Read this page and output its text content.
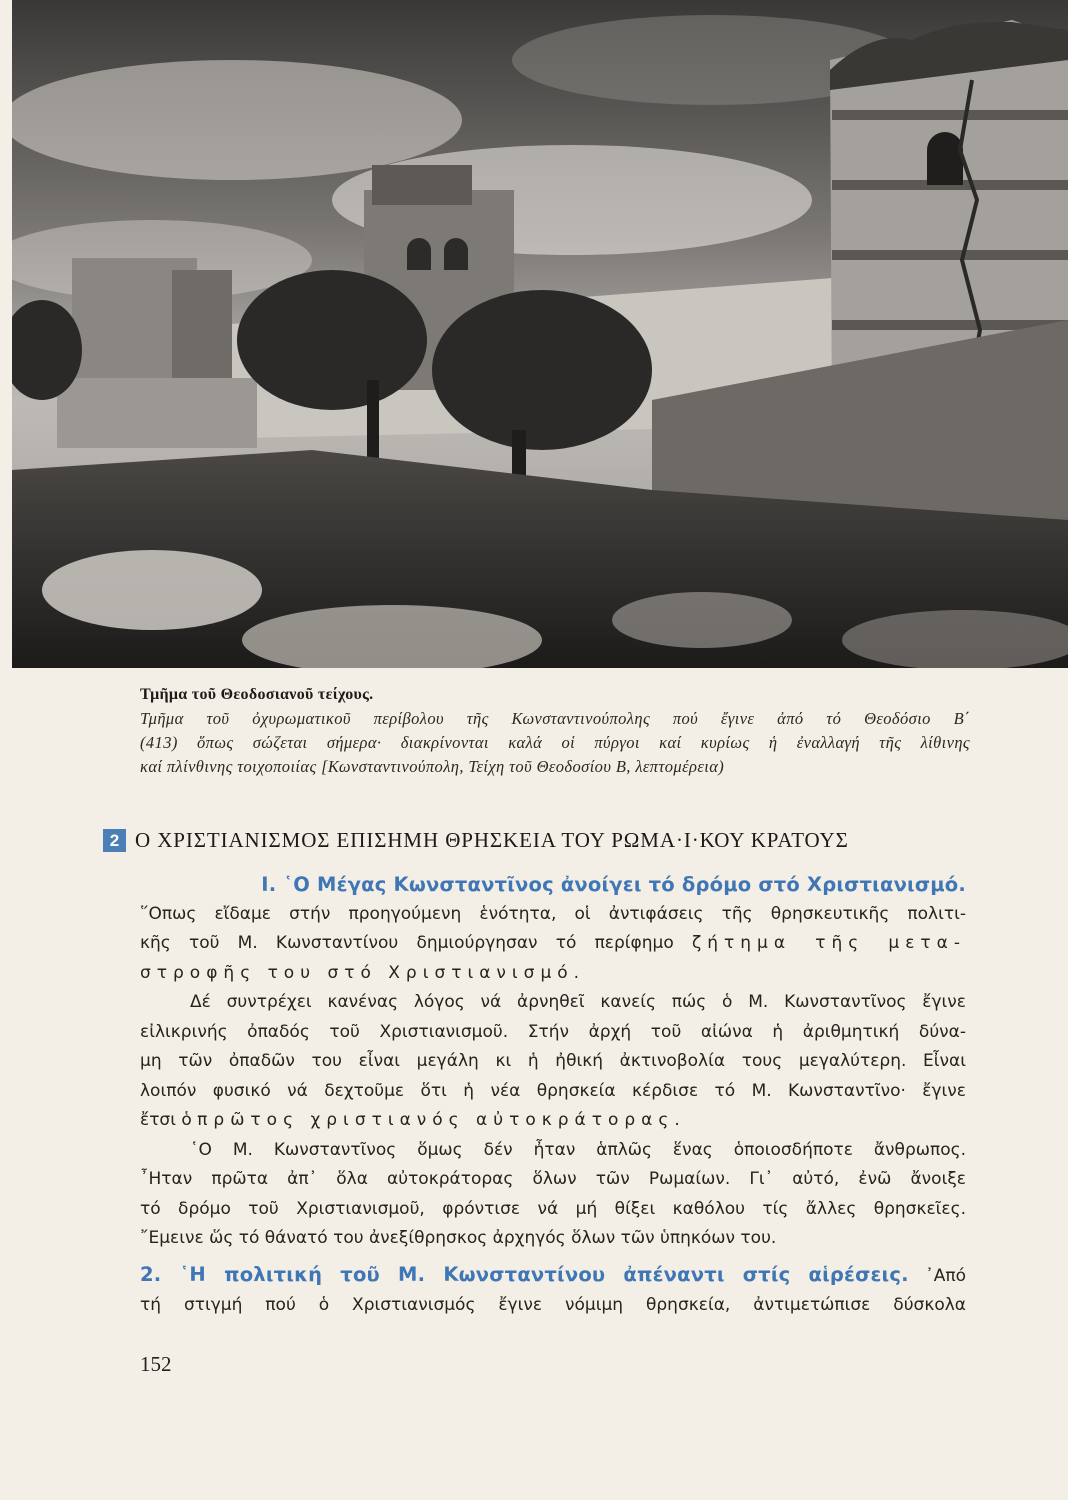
Τμῆμα τοῦ Θεοδοσιανοῦ τείχους.
Τμῆμα τοῦ ὀχυρωματικοῦ περίβολου τῆς Κωνσταντινούπολης πού ἔγινε ἀπό τό Θεοδόσιο Β΄
(413) ὅπως σώζεται σήμερα· διακρίνονται καλά οἱ πύργοι καί κυρίως ἡ ἐναλλαγή τῆς λίθινης
καί πλίνθινης τοιχοποιίας [Κωνσταντινούπολη, Τείχη τοῦ Θεοδοσίου Β, λεπτομέρεια)
2 Ο ΧΡΙΣΤΙΑΝΙΣΜΟΣ ΕΠΙΣΗΜΗ ΘΡΗΣΚΕΙΑ ΤΟΥ ΡΩΜΑ·Ι·ΚΟΥ ΚΡΑΤΟΥΣ
Ι. ῾Ο Μέγας Κωνσταντῖνος ἀνοίγει τό δρόμο στό Χριστιανισμό.

῞Οπως εἴδαμε στήν προηγούμενη ἑνότητα, οἱ ἀντιφάσεις τῆς θρησκευτικῆς πολιτι-
κῆς τοῦ Μ. Κωνσταντίνου δημιούργησαν τό περίφημο ζήτημα τῆς μετα-
στροφῆς του στό Χριστιανισμό.

Δέ συντρέχει κανένας λόγος νά ἀρνηθεῖ κανείς πώς ὁ Μ. Κωνσταντῖνος ἔγινε
εἰλικρινής ὀπαδός τοῦ Χριστιανισμοῦ. Στήν ἀρχή τοῦ αἰώνα ἡ ἀριθμητική δύνα-
μη τῶν ὀπαδῶν του εἶναι μεγάλη κι ἡ ἠθική ἀκτινοβολία τους μεγαλύτερη. Εἶναι
λοιπόν φυσικό νά δεχτοῦμε ὅτι ἡ νέα θρησκεία κέρδισε τό Μ. Κωνσταντῖνο· ἔγινε
ἔτσι ὁ πρῶτος χριστιανός αὐτοκράτορας.

῾Ο Μ. Κωνσταντῖνος ὅμως δέν ἦταν ἁπλῶς ἕνας ὁποιοσδήποτε ἄνθρωπος.
῏Ηταν πρῶτα ἀπ᾽ ὅλα αὐτοκράτορας ὅλων τῶν Ρωμαίων. Γι᾽ αὐτό, ἐνῶ ἄνοιξε
τό δρόμο τοῦ Χριστιανισμοῦ, φρόντισε νά μή θίξει καθόλου τίς ἄλλες θρησκεῖες.
῎Εμεινε ὥς τό θάνατό του ἀνεξίθρησκος ἀρχηγός ὅλων τῶν ὑπηκόων του.

2. ῾Η πολιτική τοῦ Μ. Κωνσταντίνου ἀπέναντι στίς αἱρέσεις. ᾽Από
τή στιγμή πού ὁ Χριστιανισμός ἔγινε νόμιμη θρησκεία, ἀντιμετώπισε δύσκολα

152
